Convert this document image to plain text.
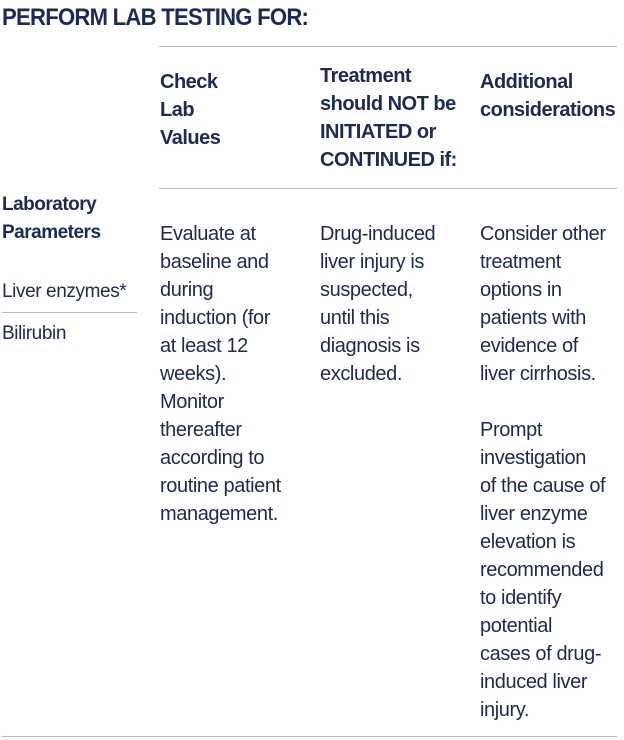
PERFORM LAB TESTING FOR:
Check
Lab
Values
Treatment
should NOT be
INITIATED or
CONTINUED if:
Additional
considerations
Laboratory
Parameters
Liver enzymes*
Bilirubin
Evaluate at
baseline and
during
induction (for
at least 12
weeks).
Monitor
thereafter
according to
routine patient
management.
Drug-induced
liver injury is
suspected,
until this
diagnosis is
excluded.
Consider other
treatment
options in
patients with
evidence of
liver cirrhosis.
Prompt
investigation
of the cause of
liver enzyme
elevation is
recommended
to identify
potential
cases of drug-
induced liver
injury.
